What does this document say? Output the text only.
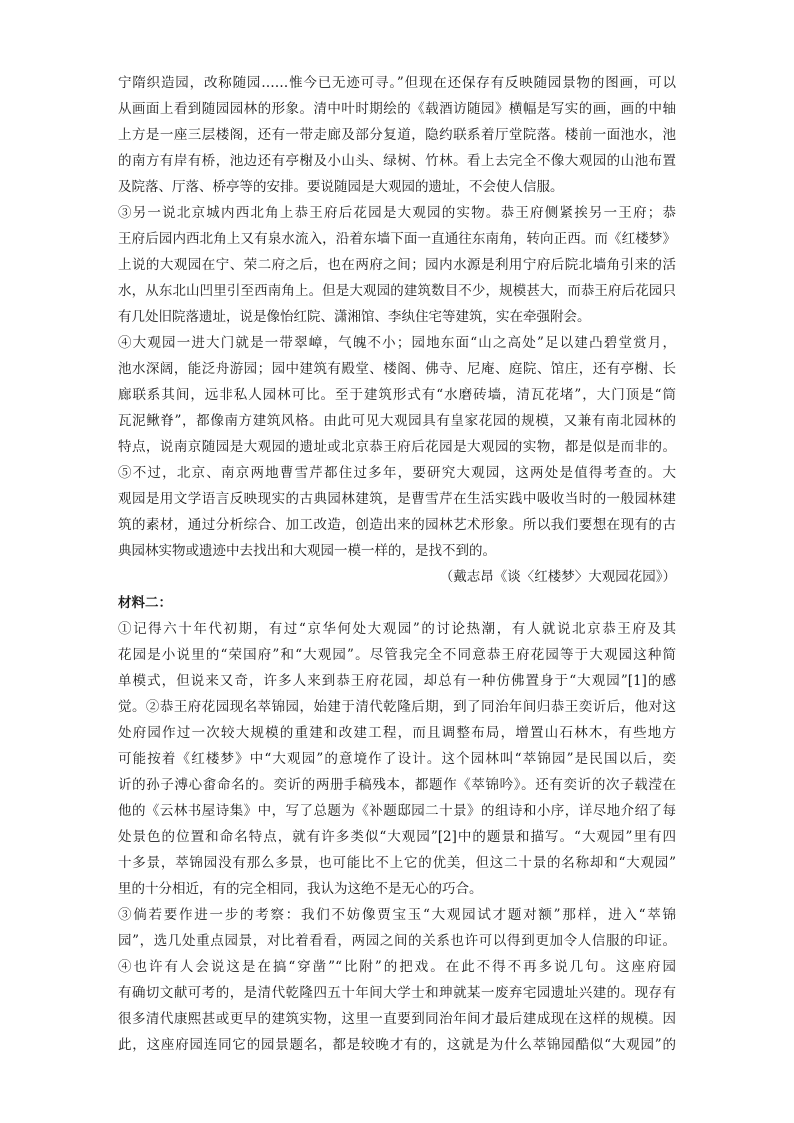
宁隋织造园，改称随园……惟今已无迹可寻。”但现在还保存有反映随园景物的图画，可以
从画面上看到随园园林的形象。清中叶时期绘的《载酒访随园》横幅是写实的画，画的中轴
上方是一座三层楼阁，还有一带走廊及部分复道，隐约联系着厅堂院落。楼前一面池水，池
的南方有岸有桥，池边还有亭榭及小山头、绿树、竹林。看上去完全不像大观园的山池布置
及院落、厅落、桥亭等的安排。要说随园是大观园的遗址，不会使人信服。
③另一说北京城内西北角上恭王府后花园是大观园的实物。恭王府侧紧挨另一王府；恭
王府后园内西北角上又有泉水流入，沿着东墙下面一直通往东南角，转向正西。而《红楼梦》
上说的大观园在宁、荣二府之后，也在两府之间；园内水源是利用宁府后院北墙角引来的活
水，从东北山凹里引至西南角上。但是大观园的建筑数目不少，规模甚大，而恭王府后花园只
有几处旧院落遗址，说是像怡红院、潇湘馆、李纨住宅等建筑，实在牵强附会。
④大观园一进大门就是一带翠嶂，气魄不小；园地东面“山之高处”足以建凸碧堂赏月，
池水深阔，能泛舟游园；园中建筑有殿堂、楼阁、佛寺、尼庵、庭院、馆庄，还有亭榭、长
廊联系其间，远非私人园林可比。至于建筑形式有“水磨砖墙，清瓦花堵”，大门顶是“筒
瓦泥鳅脊”，都像南方建筑风格。由此可见大观园具有皇家花园的规模，又兼有南北园林的
特点，说南京随园是大观园的遗址或北京恭王府后花园是大观园的实物，都是似是而非的。
⑤不过，北京、南京两地曹雪芹都住过多年，要研究大观园，这两处是值得考查的。大
观园是用文学语言反映现实的古典园林建筑，是曹雪芹在生活实践中吸收当时的一般园林建
筑的素材，通过分析综合、加工改造，创造出来的园林艺术形象。所以我们要想在现有的古
典园林实物或遗迹中去找出和大观园一模一样的，是找不到的。
（戴志昂《谈〈红楼梦〉大观园花园》）
材料二：
①记得六十年代初期，有过“京华何处大观园”的讨论热潮，有人就说北京恭王府及其
花园是小说里的“荣国府”和“大观园”。尽管我完全不同意恭王府花园等于大观园这种简
单模式，但说来又奇，许多人来到恭王府花园，却总有一种仿佛置身于“大观园”[1]的感
觉。②恭王府花园现名萃锦园，始建于清代乾隆后期，到了同治年间归恭王奕䜣后，他对这
处府园作过一次较大规模的重建和改建工程，而且调整布局，增置山石林木，有些地方
可能按着《红楼梦》中“大观园”的意境作了设计。这个园林叫“萃锦园”是民国以后，奕
䜣的孙子溥心畬命名的。奕䜣的两册手稿残本，都题作《萃锦吟》。还有奕䜣的次子载滢在
他的《云林书屋诗集》中，写了总题为《补题邸园二十景》的组诗和小序，详尽地介绍了每
处景色的位置和命名特点，就有许多类似“大观园”[2]中的题景和描写。“大观园”里有四
十多景，萃锦园没有那么多景，也可能比不上它的优美，但这二十景的名称却和“大观园”
里的十分相近，有的完全相同，我认为这绝不是无心的巧合。
③倘若要作进一步的考察：我们不妨像贾宝玉“大观园试才题对额”那样，进入“萃锦
园”，选几处重点园景，对比着看看，两园之间的关系也许可以得到更加令人信服的印证。
④也许有人会说这是在搞“穿凿”“比附”的把戏。在此不得不再多说几句。这座府园
有确切文献可考的，是清代乾隆四五十年间大学士和珅就某一废弃宅园遗址兴建的。现存有
很多清代康熙甚或更早的建筑实物，这里一直要到同治年间才最后建成现在这样的规模。因
此，这座府园连同它的园景题名，都是较晚才有的，这就是为什么萃锦园酷似“大观园”的
